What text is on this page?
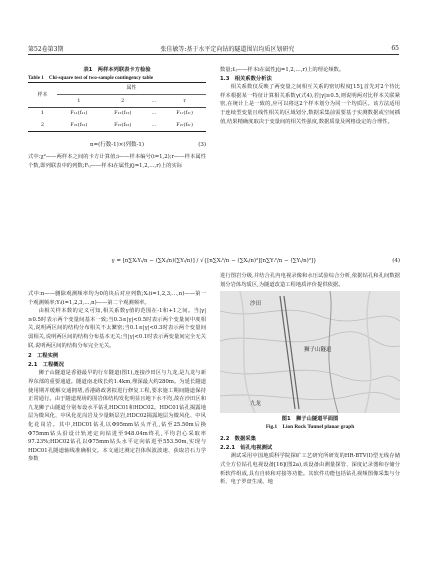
第52卷第3期	张佳敏等:基于水平定向钻的隧道围岩均质区划研究	65
表1　两样本列联表卡方检验
Table 1　Chi-square test of two-sample contingency table
样本	属性			
	1	2	…	r
1	F₁₁(f₁₁)	F₁₂(f₁₂)	…	F₁ᵣ(f₁ᵣ)
2	F₂₁(f₂₁)	F₂₂(f₂₂)	…	F₂ᵣ(f₂ᵣ)
n=(行数-1)×(列数-1)	(3)

式中:χ²——两样本之间的卡方计算值;i——样本编号(i=1,2);r——样本属性个数,即列联表中的列数;Fᵢⱼ——样本i在属性j(j=1,2,…,r)上的实际

γ = [n∑XᵢYᵢ/n − (∑Xᵢ/n)(∑Yᵢ/n)] / √{[n∑Xᵢ²/n − (∑Xᵢ/n)²][n∑Yᵢ²/n − (∑Yᵢ/n)²]}	(4)

式中:n——删除观测频率均为0的块后对应列数;Xᵢ(i=1,2,3,…,n)——第一个观测频率;Yᵢ(i=1,2,3,…,n)——第二个观测频率。

由相关样本数的定义可知,相关系数γ值的范围在-1和+1之间。当|γ|≥0.5时表示两个变量间基本一致;当0.3≤|γ|<0.5时表示两个变量间中度相关,说明两区间的结构分布相关不太繁密;当0.1≤|γ|<0.3时表示两个变量间弱相关,说明两区间的结构分布基本无关;当|γ|<0.1时表示两变量间完全无关联,说明两区间的结构分布完全无关。

2　工程实例

2.1　工程概况

狮子山隧道是香港最早的行车隧道(图1),连接沙田区与九龙,是九龙与新界东部的重要通道。隧道南北线长约1.4km,埋深最大约280m。为延长隧道使用期并缓解交通拥堵,香港路政署拟进行修复工程,要求施工期间隧道保持正常通行。由于隧道现场的围岩体结构发化明显且地下水不均,故在沙田区和九龙狮子山隧道分别布设水平钻孔HDC01和HDC02。HDC01钻孔揭露地层为微风化、中风化花岗岩及少量断层岩,HDC02揭露地层为微风化、中风化花岗岩。其中,HDC01钻孔以Φ95mm钻头开孔,钻至25.50m后换Φ75mm钻头沿设计轨迹定向钻进至948.04m终孔,平均岩心采取率97.23%;HDC02钻孔以Φ75mm钻头水平定向钻进至553.50m,实现与HDC01孔隧道轴线准确相交。本文通过测定岩体纵波波速、获取岩石力学参数

数量;fᵢⱼ——样本i在属性j(j=1,2,…,r)上的理论频数。

1.3　相关系数分析法

相关系数仅反映了两变量之间相互关系的密切程度[15],首先对2个待比样本根据某一特征计算相关系数γ(式4),若|γ|≥0.5,则说明两对比样本关联紧密,在统计上是一致的,应可以将这2个样本划分为同一个均质区。该方法适用于连续型变量且线性相关的区域划分,数据采集前需要基于实测数据或空间插值,结果精确度取决于变量间的相关性强度,数据质量及网格设定的合理性。

进行图岩分级,并结合孔内电视录像和水压试验综合分析,依据钻孔和孔间数据划分岩体均质区,为隧道改造工程地质评价提供依据。

狮子山隧道
沙田
九龙
图1　狮子山隧道平面图
Fig.1　Lion Rock Tunnel planar graph

2.2　数据采集

2.2.1　钻孔电视测试

测试采用中国地质科学院探矿工艺研究所研发的HR-BTV(I)型无线存储式全方位钻孔电视设备[16](图2a),该设备由测量探管、深度记录器和存储分析软件组成,具有自转和对接等功能。其软件功能包括钻孔视频图像采集与分析、电子罗盘生成、地
